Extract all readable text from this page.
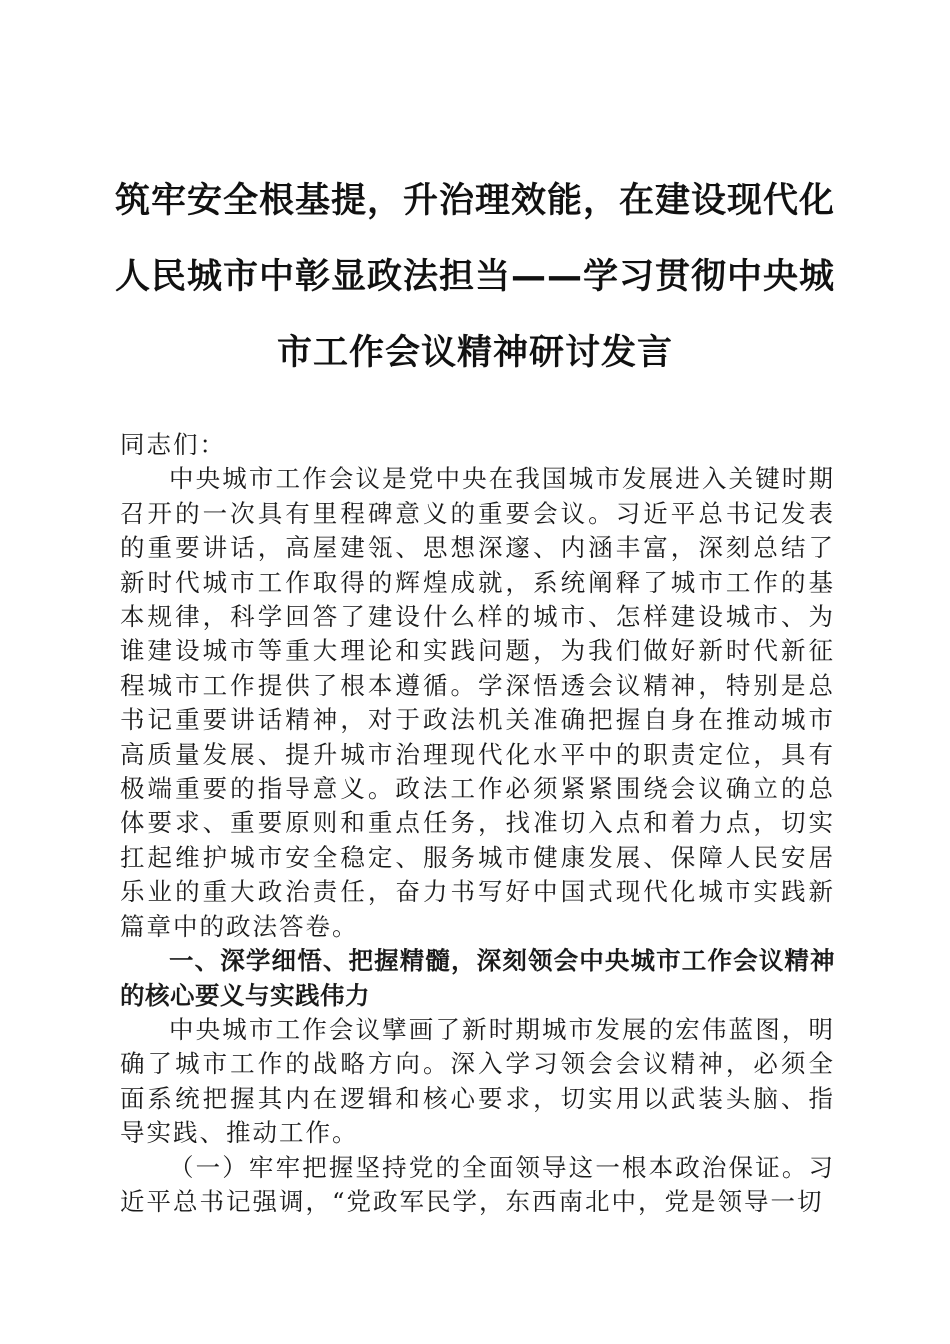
筑牢安全根基提，升治理效能，在建设现代化
人民城市中彰显政法担当——学习贯彻中央城
市工作会议精神研讨发言

同志们：

中央城市工作会议是党中央在我国城市发展进入关键时期召开的一次具有里程碑意义的重要会议。习近平总书记发表的重要讲话，高屋建瓴、思想深邃、内涵丰富，深刻总结了新时代城市工作取得的辉煌成就，系统阐释了城市工作的基本规律，科学回答了建设什么样的城市、怎样建设城市、为谁建设城市等重大理论和实践问题，为我们做好新时代新征程城市工作提供了根本遵循。学深悟透会议精神，特别是总书记重要讲话精神，对于政法机关准确把握自身在推动城市高质量发展、提升城市治理现代化水平中的职责定位，具有极端重要的指导意义。政法工作必须紧紧围绕会议确立的总体要求、重要原则和重点任务，找准切入点和着力点，切实扛起维护城市安全稳定、服务城市健康发展、保障人民安居乐业的重大政治责任，奋力书写好中国式现代化城市实践新篇章中的政法答卷。

一、深学细悟、把握精髓，深刻领会中央城市工作会议精神的核心要义与实践伟力

中央城市工作会议擘画了新时期城市发展的宏伟蓝图，明确了城市工作的战略方向。深入学习领会会议精神，必须全面系统把握其内在逻辑和核心要求，切实用以武装头脑、指导实践、推动工作。

（一）牢牢把握坚持党的全面领导这一根本政治保证。习近平总书记强调，“党政军民学，东西南北中，党是领导一切
